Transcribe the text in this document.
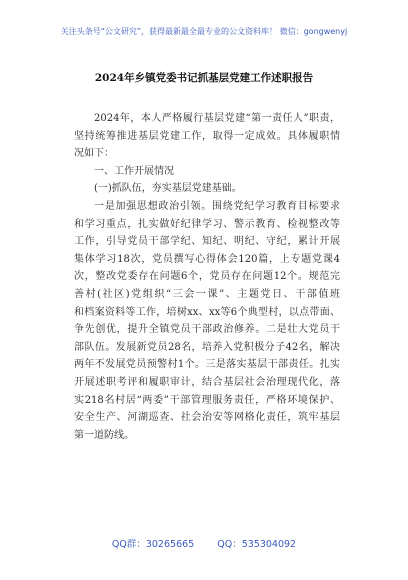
关注头条号“公文研究”，获得最新最全最专业的公文资料库！ 微信：gongwenyj
2024年乡镇党委书记抓基层党建工作述职报告
2024年，本人严格履行基层党建“第一责任人”职责，
坚持统筹推进基层党建工作，取得一定成效。具体履职情
况如下：
一、工作开展情况
(一)抓队伍，夯实基层党建基础。
一是加强思想政治引领。围绕党纪学习教育目标要求
和学习重点，扎实做好纪律学习、警示教育、检视整改等
工作，引导党员干部学纪、知纪、明纪、守纪，累计开展
集体学习18次，党员撰写心得体会120篇，上专题党课4
次，整改党委存在问题6个，党员存在问题12个。规范完
善村(社区)党组织“三会一课”、主题党日、干部值班
和档案资料等工作，培树xx、xx等6个典型村，以点带面、
争先创优，提升全镇党员干部政治修养。二是壮大党员干
部队伍。发展新党员28名，培养入党积极分子42名，解决
两年不发展党员预警村1个。三是落实基层干部责任。扎实
开展述职考评和履职审计，结合基层社会治理现代化，落
实218名村居“两委”干部管理服务责任，严格环境保护、
安全生产、河湖巡查、社会治安等网格化责任，筑牢基层
第一道防线。
QQ群：30265665 QQ：535304092
